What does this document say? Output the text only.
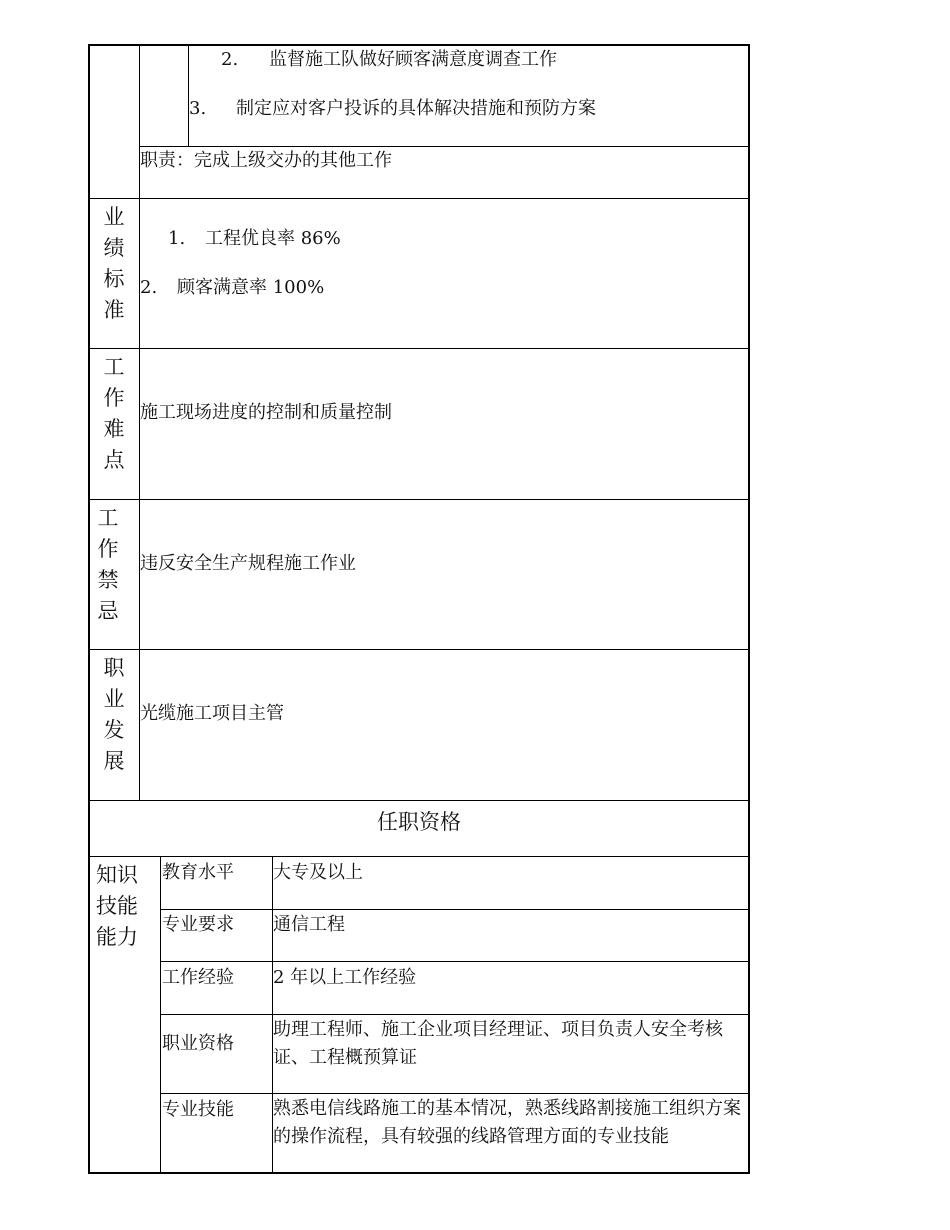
2. 监督施工队做好顾客满意度调查工作
3. 制定应对客户投诉的具体解决措施和预防方案
职责：完成上级交办的其他工作
业
绩
标
准
1. 工程优良率 86%
2. 顾客满意率 100%
工
作
难
点
施工现场进度的控制和质量控制
工
作
禁
忌
违反安全生产规程施工作业
职
业
发
展
光缆施工项目主管
任职资格
知识
技能
能力
教育水平 大专及以上
专业要求 通信工程
工作经验 2 年以上工作经验
职业资格
助理工程师、施工企业项目经理证、项目负责人安全考核证、工程概预算证
专业技能 熟悉电信线路施工的基本情况，熟悉线路割接施工组织方案的操作流程，具有较强的线路管理方面的专业技能
